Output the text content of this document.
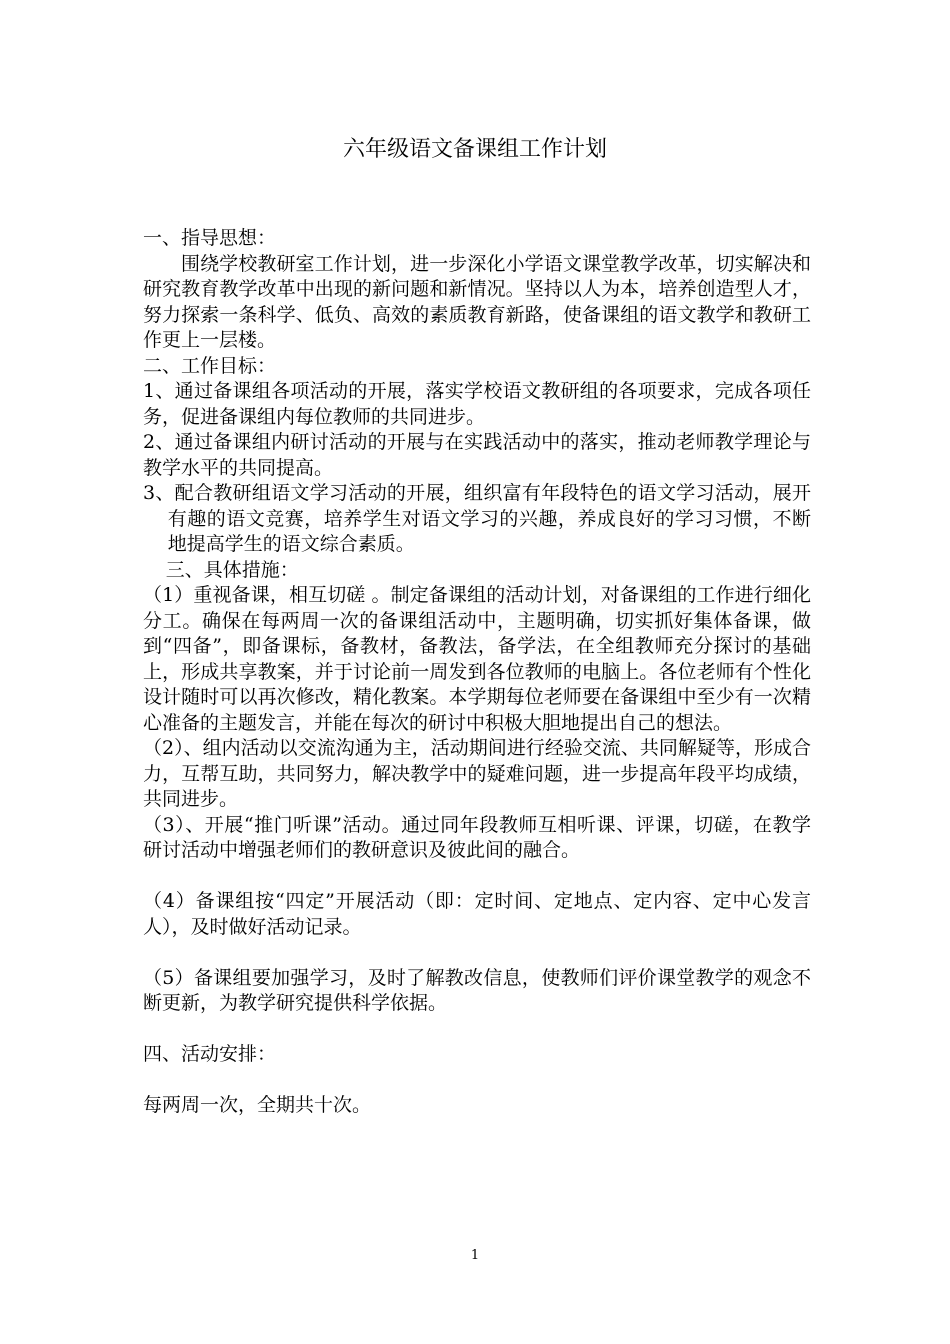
六年级语文备课组工作计划

一、指导思想：

围绕学校教研室工作计划，进一步深化小学语文课堂教学改革，切实解决和研究教育教学改革中出现的新问题和新情况。坚持以人为本，培养创造型人才，努力探索一条科学、低负、高效的素质教育新路，使备课组的语文教学和教研工作更上一层楼。

二、工作目标：

1、通过备课组各项活动的开展，落实学校语文教研组的各项要求，完成各项任务，促进备课组内每位教师的共同进步。

2、通过备课组内研讨活动的开展与在实践活动中的落实，推动老师教学理论与教学水平的共同提高。

3、配合教研组语文学习活动的开展，组织富有年段特色的语文学习活动，展开有趣的语文竞赛，培养学生对语文学习的兴趣，养成良好的学习习惯，不断地提高学生的语文综合素质。

三、具体措施：

（1）重视备课，相互切磋 。制定备课组的活动计划，对备课组的工作进行细化分工。确保在每两周一次的备课组活动中，主题明确，切实抓好集体备课，做到“四备”，即备课标，备教材，备教法，备学法，在全组教师充分探讨的基础上，形成共享教案，并于讨论前一周发到各位教师的电脑上。各位老师有个性化设计随时可以再次修改，精化教案。本学期每位老师要在备课组中至少有一次精心准备的主题发言，并能在每次的研讨中积极大胆地提出自己的想法。

（2）、组内活动以交流沟通为主，活动期间进行经验交流、共同解疑等，形成合力，互帮互助，共同努力，解决教学中的疑难问题，进一步提高年段平均成绩，共同进步。

（3）、开展“推门听课”活动。通过同年段教师互相听课、评课，切磋，在教学研讨活动中增强老师们的教研意识及彼此间的融合。

（4）备课组按“四定”开展活动（即：定时间、定地点、定内容、定中心发言人），及时做好活动记录。

（5）备课组要加强学习，及时了解教改信息，使教师们评价课堂教学的观念不断更新，为教学研究提供科学依据。

四、活动安排：

每两周一次，全期共十次。

1
